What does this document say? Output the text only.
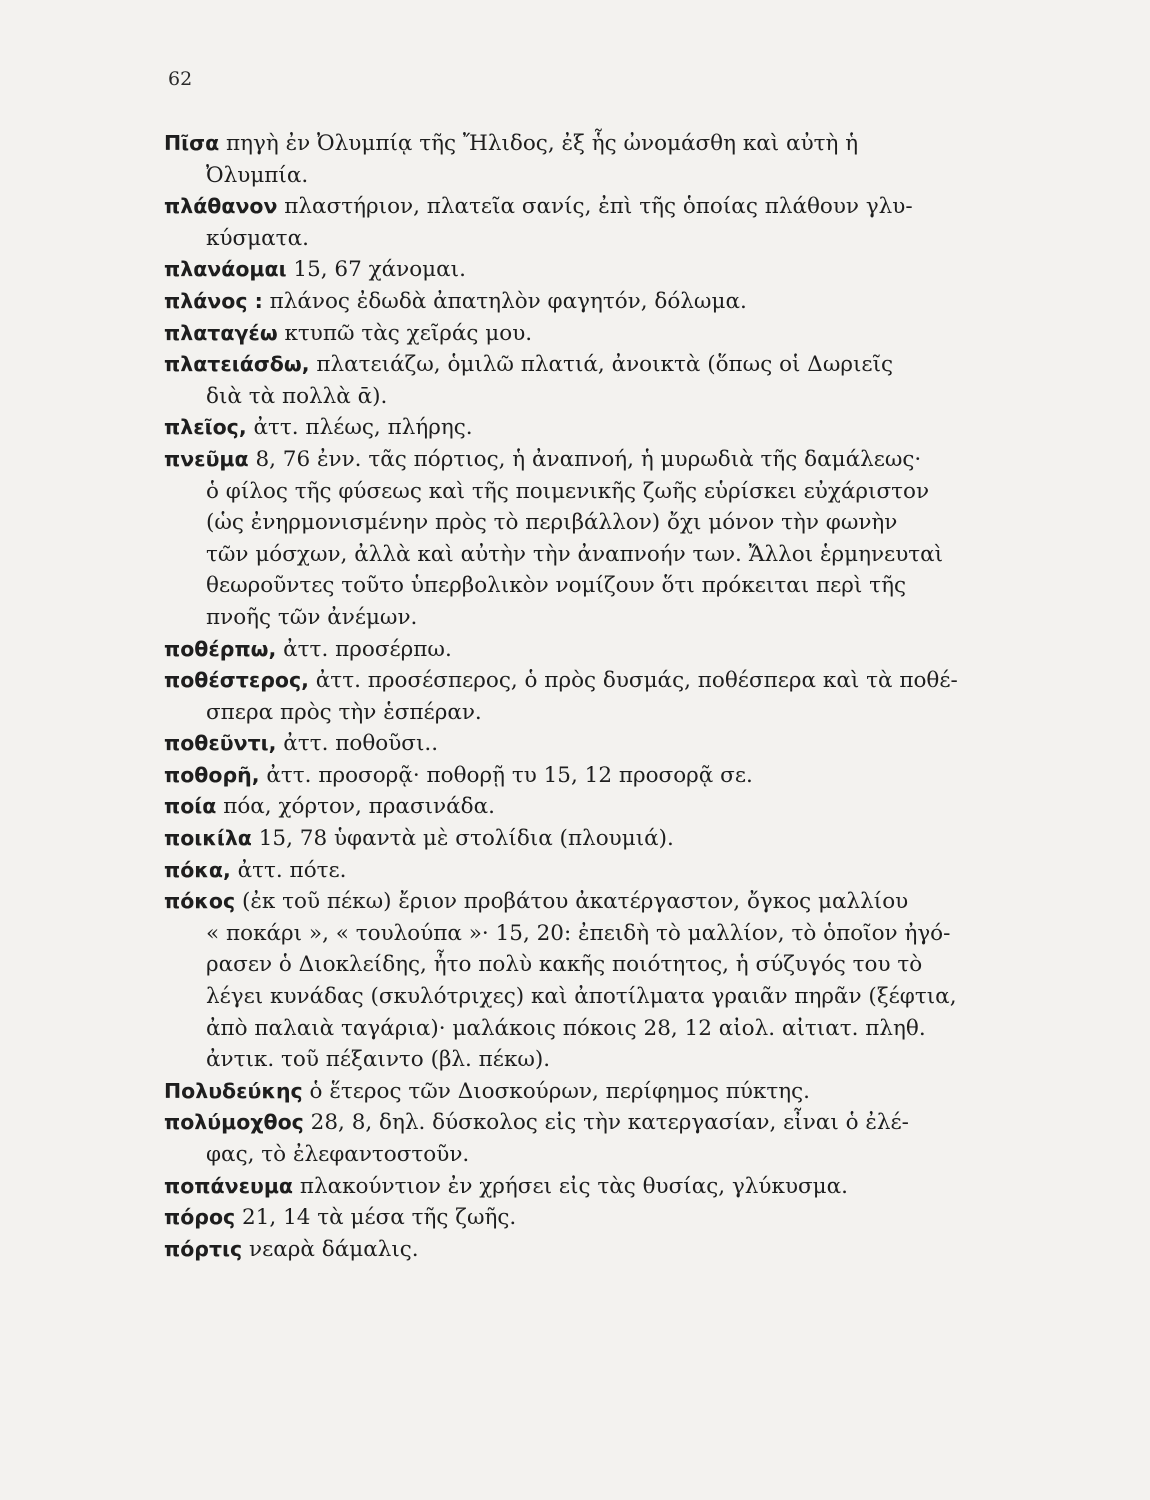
62
Πῖσα πηγὴ ἐν Ὀλυμπίᾳ τῆς Ἤλιδος, ἐξ ἧς ὠνομάσθη καὶ αὐτὴ ἡ
Ὀλυμπία.
πλάθανον πλαστήριον, πλατεῖα σανίς, ἐπὶ τῆς ὁποίας πλάθουν γλυ-
κύσματα.
πλανάομαι 15, 67 χάνομαι.
πλάνος : πλάνος ἐδωδὰ ἀπατηλὸν φαγητόν, δόλωμα.
πλαταγέω κτυπῶ τὰς χεῖράς μου.
πλατειάσδω, πλατειάζω, ὁμιλῶ πλατιά, ἀνοικτὰ (ὅπως οἱ Δωριεῖς
διὰ τὰ πολλὰ ᾱ).
πλεῖος, ἀττ. πλέως, πλήρης.
πνεῦμα 8, 76 ἐνν. τᾶς πόρτιος, ἡ ἀναπνοή, ἡ μυρωδιὰ τῆς δαμάλεως·
ὁ φίλος τῆς φύσεως καὶ τῆς ποιμενικῆς ζωῆς εὑρίσκει εὐχάριστον
(ὡς ἐνηρμονισμένην πρὸς τὸ περιβάλλον) ὄχι μόνον τὴν φωνὴν
τῶν μόσχων, ἀλλὰ καὶ αὐτὴν τὴν ἀναπνοήν των. Ἄλλοι ἑρμηνευταὶ
θεωροῦντες τοῦτο ὑπερβολικὸν νομίζουν ὅτι πρόκειται περὶ τῆς
πνοῆς τῶν ἀνέμων.
ποθέρπω, ἀττ. προσέρπω.
ποθέστερος, ἀττ. προσέσπερος, ὁ πρὸς δυσμάς, ποθέσπερα καὶ τὰ ποθέ-
σπερα πρὸς τὴν ἑσπέραν.
ποθεῦντι, ἀττ. ποθοῦσι..
ποθορῆ, ἀττ. προσορᾷ· ποθορῇ τυ 15, 12 προσορᾷ σε.
ποία πόα, χόρτον, πρασινάδα.
ποικίλα 15, 78 ὑφαντὰ μὲ στολίδια (πλουμιά).
πόκα, ἀττ. πότε.
πόκος (ἐκ τοῦ πέκω) ἔριον προβάτου ἀκατέργαστον, ὄγκος μαλλίου
« ποκάρι », « τουλούπα »· 15, 20: ἐπειδὴ τὸ μαλλίον, τὸ ὁποῖον ἠγό-
ρασεν ὁ Διοκλείδης, ἦτο πολὺ κακῆς ποιότητος, ἡ σύζυγός του τὸ
λέγει κυνάδας (σκυλότριχες) καὶ ἀποτίλματα γραιᾶν πηρᾶν (ξέφτια,
ἀπὸ παλαιὰ ταγάρια)· μαλάκοις πόκοις 28, 12 αἰολ. αἰτιατ. πληθ.
ἀντικ. τοῦ πέξαιντο (βλ. πέκω).
Πολυδεύκης ὁ ἕτερος τῶν Διοσκούρων, περίφημος πύκτης.
πολύμοχθος 28, 8, δηλ. δύσκολος εἰς τὴν κατεργασίαν, εἶναι ὁ ἐλέ-
φας, τὸ ἐλεφαντοστοῦν.
ποπάνευμα πλακούντιον ἐν χρήσει εἰς τὰς θυσίας, γλύκυσμα.
πόρος 21, 14 τὰ μέσα τῆς ζωῆς.
πόρτις νεαρὰ δάμαλις.
